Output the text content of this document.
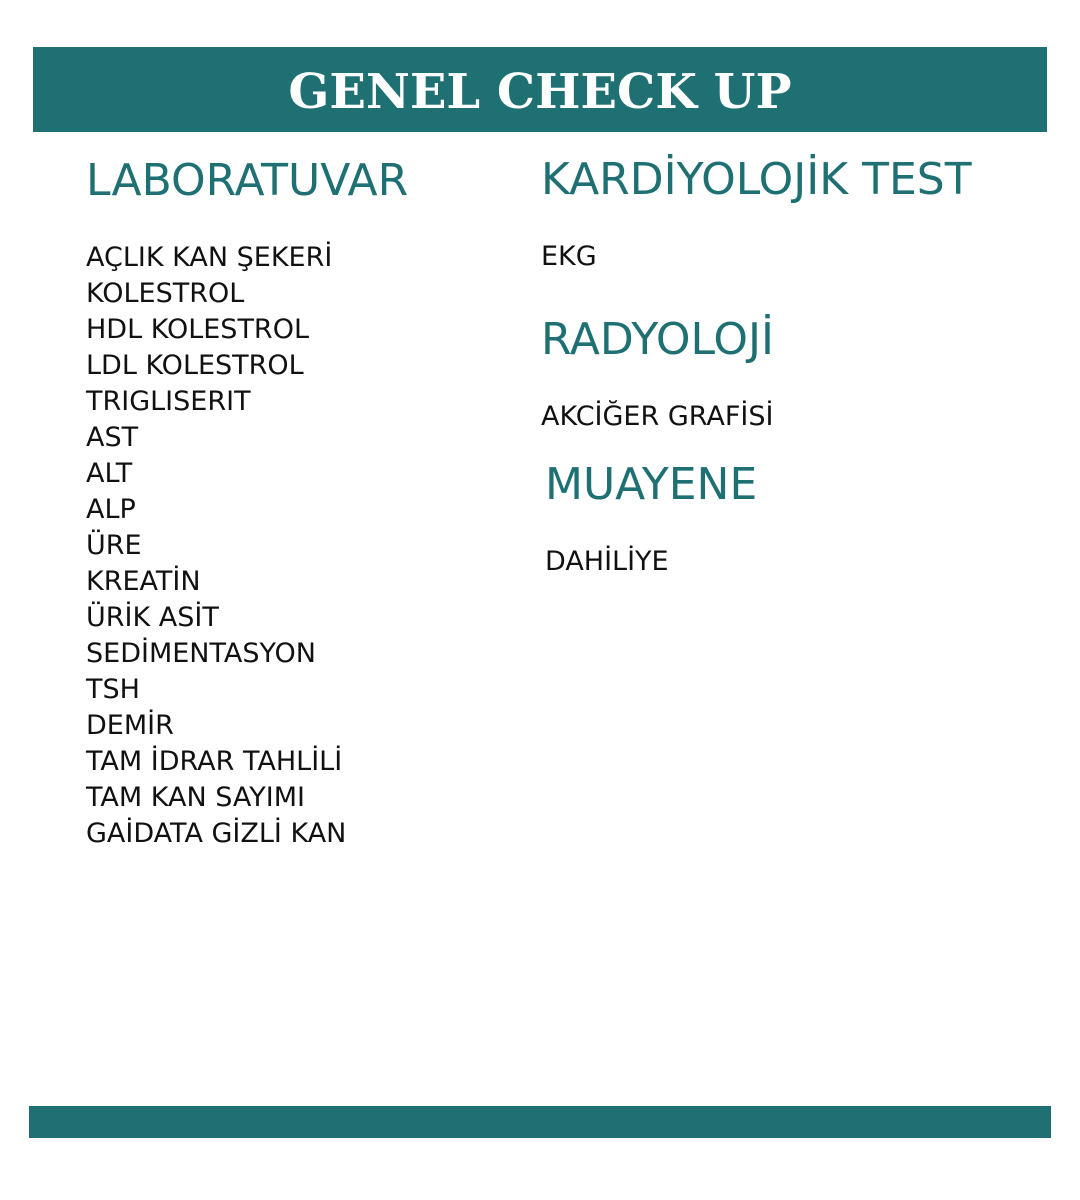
GENEL CHECK UP
LABORATUVAR
AÇLIK KAN ŞEKERİ
KOLESTROL
HDL KOLESTROL
LDL KOLESTROL
TRIGLISERIT
AST
ALT
ALP
ÜRE
KREATİN
ÜRİK ASİT
SEDİMENTASYON
TSH
DEMİR
TAM İDRAR TAHLİLİ
TAM KAN SAYIMI
GAİDATA GİZLİ KAN
KARDİYOLOJİK TEST
EKG
RADYOLOJİ
AKCİĞER GRAFİSİ
MUAYENE
DAHİLİYE
